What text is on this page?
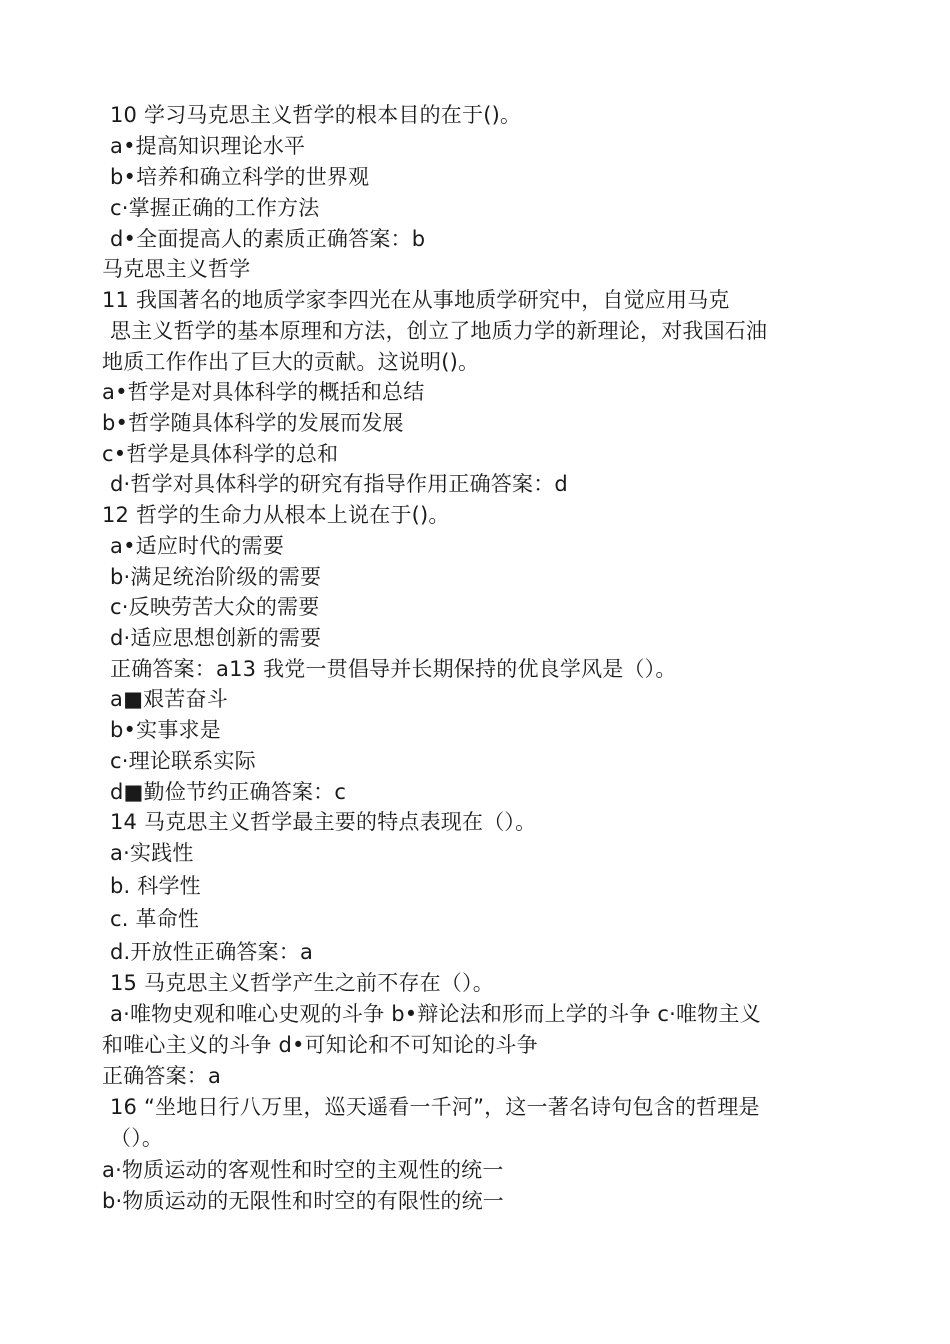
10 学习马克思主义哲学的根本目的在于()。
a•提高知识理论水平
b•培养和确立科学的世界观
c·掌握正确的工作方法
d•全面提高人的素质正确答案：b
马克思主义哲学
11 我国著名的地质学家李四光在从事地质学研究中，自觉应用马克
思主义哲学的基本原理和方法，创立了地质力学的新理论，对我国石油
地质工作作出了巨大的贡献。这说明()。
a•哲学是对具体科学的概括和总结
b•哲学随具体科学的发展而发展
c•哲学是具体科学的总和
d·哲学对具体科学的研究有指导作用正确答案：d
12 哲学的生命力从根本上说在于()。
a•适应时代的需要
b·满足统治阶级的需要
c·反映劳苦大众的需要
d·适应思想创新的需要
正确答案：a13 我党一贯倡导并长期保持的优良学风是（）。
a■艰苦奋斗
b•实事求是
c·理论联系实际
d■勤俭节约正确答案：c
14 马克思主义哲学最主要的特点表现在（）。
a·实践性
b. 科学性
c. 革命性
d.开放性正确答案：a
15 马克思主义哲学产生之前不存在（）。
a·唯物史观和唯心史观的斗争 b•辩论法和形而上学的斗争 c·唯物主义
和唯心主义的斗争 d•可知论和不可知论的斗争
正确答案：a
16 “坐地日行八万里，巡天遥看一千河”，这一著名诗句包含的哲理是
（）。
a·物质运动的客观性和时空的主观性的统一
b·物质运动的无限性和时空的有限性的统一
